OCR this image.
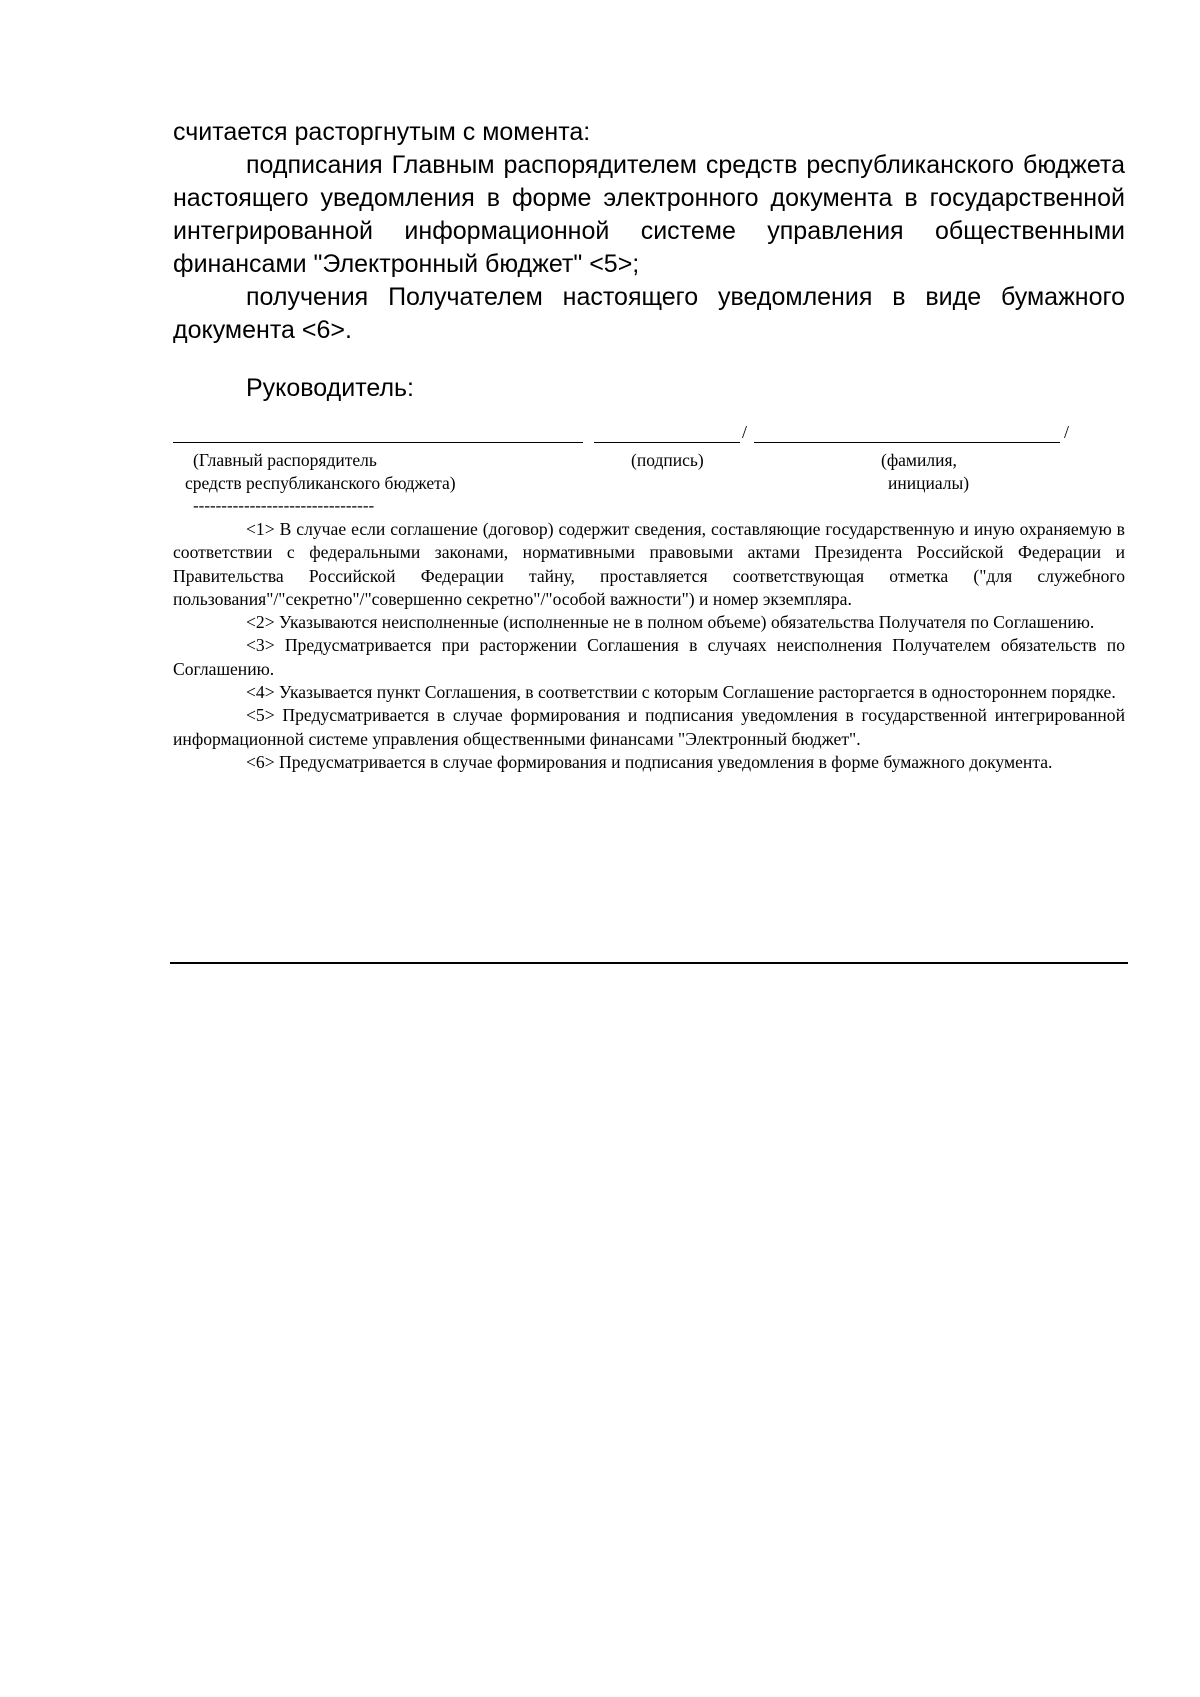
считается расторгнутым с момента:

подписания Главным распорядителем средств республиканского бюджета настоящего уведомления в форме электронного документа в государственной интегрированной информационной системе управления общественными финансами "Электронный бюджет" <5>;

получения Получателем настоящего уведомления в виде бумажного документа <6>.

Руководитель:
/	/
(Главный распорядитель
средств республиканского бюджета)
(подпись)	(фамилия,
инициалы)
--------------------------------

<1> В случае если соглашение (договор) содержит сведения, составляющие государственную и иную охраняемую в соответствии с федеральными законами, нормативными правовыми актами Президента Российской Федерации и Правительства Российской Федерации тайну, проставляется соответствующая отметка ("для служебного пользования"/"секретно"/"совершенно секретно"/"особой важности") и номер экземпляра.

<2> Указываются неисполненные (исполненные не в полном объеме) обязательства Получателя по Соглашению.

<3> Предусматривается при расторжении Соглашения в случаях неисполнения Получателем обязательств по Соглашению.

<4> Указывается пункт Соглашения, в соответствии с которым Соглашение расторгается в одностороннем порядке.

<5> Предусматривается в случае формирования и подписания уведомления в государственной интегрированной информационной системе управления общественными финансами "Электронный бюджет".

<6> Предусматривается в случае формирования и подписания уведомления в форме бумажного документа.
